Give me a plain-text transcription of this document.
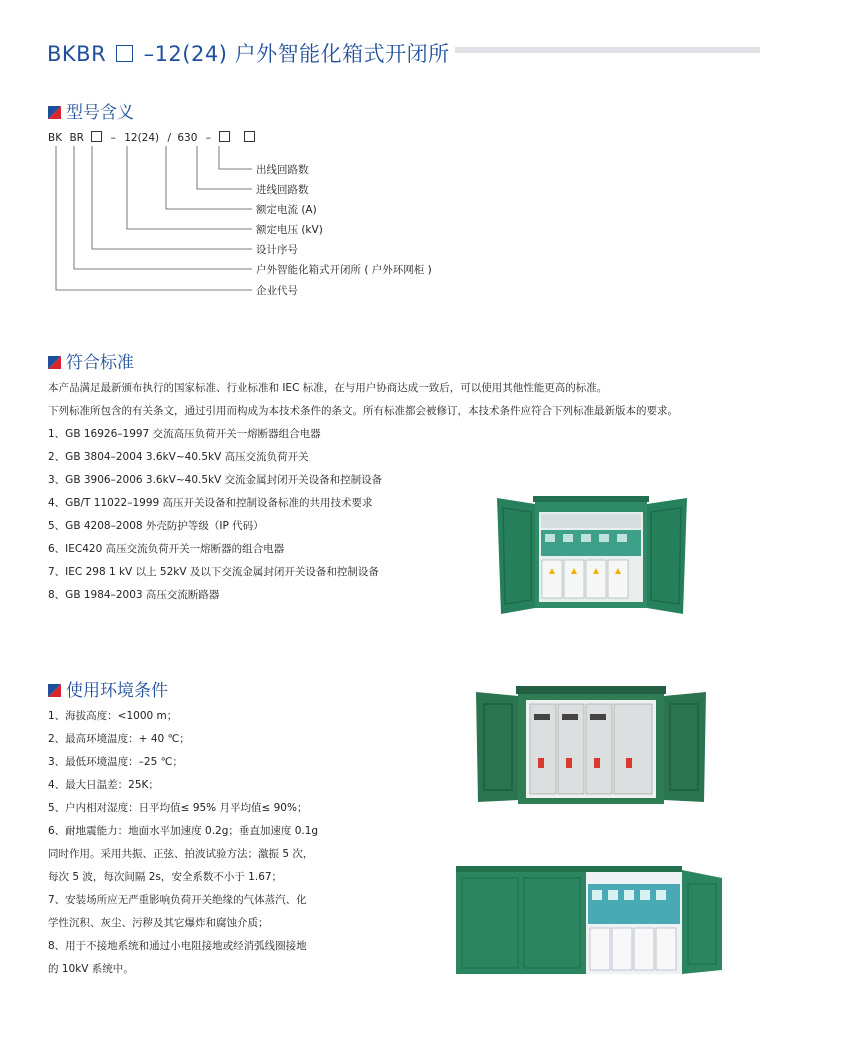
BKBR –12(24) 户外智能化箱式开闭所
型号含义
BK BR	– 12(24) / 630 –
出线回路数
进线回路数
额定电流 (A)
额定电压 (kV)
设计序号
户外智能化箱式开闭所 ( 户外环网柜 )
企业代号
符合标准
本产品满足最新颁布执行的国家标准、行业标准和 IEC 标准，在与用户协商达成一致后，可以使用其他性能更高的标准。
下列标准所包含的有关条文，通过引用而构成为本技术条件的条文。所有标准都会被修订，本技术条件应符合下列标准最新版本的要求。
1、GB 16926–1997 交流高压负荷开关一熔断器组合电器
2、GB 3804–2004 3.6kV~40.5kV 高压交流负荷开关
3、GB 3906–2006 3.6kV~40.5kV 交流金属封闭开关设备和控制设备
4、GB/T 11022–1999 高压开关设备和控制设备标准的共用技术要求
5、GB 4208–2008 外壳防护等级（IP 代码）
6、IEC420 高压交流负荷开关一熔断器的组合电器
7、IEC 298 1 kV 以上 52kV 及以下交流金属封闭开关设备和控制设备
8、GB 1984–2003 高压交流断路器
使用环境条件
1、海拔高度：<1000 m；
2、最高环境温度：+ 40 ℃；
3、最低环境温度：–25 ℃；
4、最大日温差：25K；
5、户内相对湿度：日平均值≤ 95% 月平均值≤ 90%；
6、耐地震能力：地面水平加速度 0.2g；垂直加速度 0.1g
同时作用。采用共振、正弦、拍波试验方法；激振 5 次，
每次 5 波，每次间隔 2s，安全系数不小于 1.67；
7、安装场所应无严重影响负荷开关绝缘的气体蒸汽、化
学性沉积、灰尘、污秽及其它爆炸和腐蚀介质；
8、用于不接地系统和通过小电阻接地或经消弧线圈接地
的 10kV 系统中。
